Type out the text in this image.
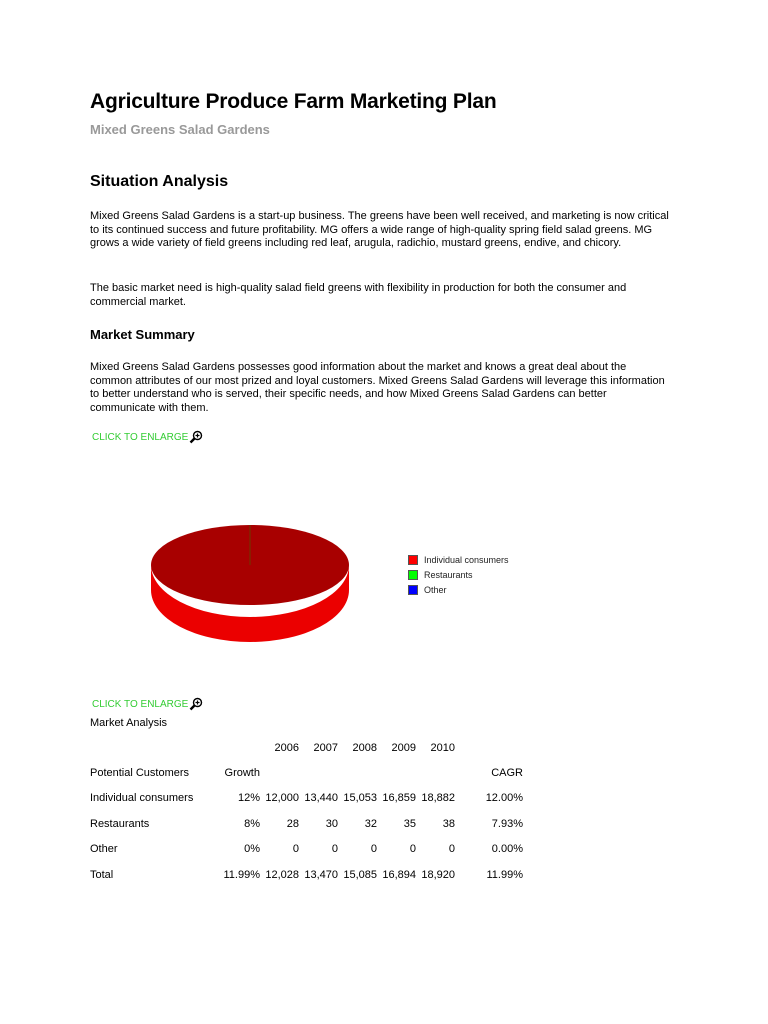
Agriculture Produce Farm Marketing Plan
Mixed Greens Salad Gardens
Situation Analysis

Mixed Greens Salad Gardens is a start-up business. The greens have been well received, and marketing is now critical to its continued success and future profitability. MG offers a wide range of high-quality spring field salad greens. MG grows a wide variety of field greens including red leaf, arugula, radichio, mustard greens, endive, and chicory.

The basic market need is high-quality salad field greens with flexibility in production for both the consumer and commercial market.

Market Summary

Mixed Greens Salad Gardens possesses good information about the market and knows a great deal about the common attributes of our most prized and loyal customers. Mixed Greens Salad Gardens will leverage this information to better understand who is served, their specific needs, and how Mixed Greens Salad Gardens can better communicate with them.

CLICK TO ENLARGE
Individual consumers
Restaurants
Other
CLICK TO ENLARGE
Market Analysis
		2006	2007	2008	2009	2010	
Potential Customers	Growth						CAGR
Individual consumers	12%	12,000	13,440	15,053	16,859	18,882	12.00%
Restaurants	8%	28	30	32	35	38	7.93%
Other	0%	0	0	0	0	0	0.00%
Total	11.99%	12,028	13,470	15,085	16,894	18,920	11.99%
